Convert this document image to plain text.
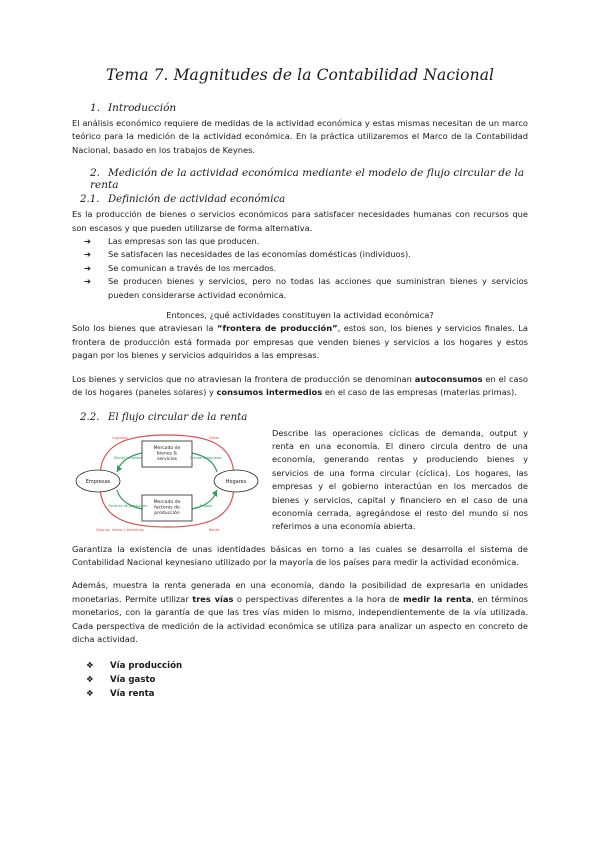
Tema 7. Magnitudes de la Contabilidad Nacional
1. Introducción

El análisis económico requiere de medidas de la actividad económica y estas mismas necesitan de un marco teórico para la medición de la actividad económica. En la práctica utilizaremos el Marco de la Contabilidad Nacional, basado en los trabajos de Keynes.

2. Medición de la actividad económica mediante el modelo de flujo circular de la renta
2.1. Definición de actividad económica

Es la producción de bienes o servicios económicos para satisfacer necesidades humanas con recursos que son escasos y que pueden utilizarse de forma alternativa.

➔ Las empresas son las que producen.
➔ Se satisfacen las necesidades de las economías domésticas (individuos).
➔ Se comunican a través de los mercados.
➔ Se producen bienes y servicios, pero no todas las acciones que suministran bienes y servicios pueden considerarse actividad económica.
Entonces, ¿qué actividades constituyen la actividad económica?

Solo los bienes que atraviesan la “frontera de producción”, estos son, los bienes y servicios finales. La frontera de producción está formada por empresas que venden bienes y servicios a los hogares y estos pagan por los bienes y servicios adquiridos a las empresas.

Los bienes y servicios que no atraviesan la frontera de producción se denominan autoconsumos en el caso de los hogares (paneles solares) y consumos intermedios en el caso de las empresas (materias primas).

2.2. El flujo circular de la renta
Mercado de bienes & servicios
Mercado de factores de producción
Empresas	Hogares
Ingresos	Gasto
Bienes vendidos	Bienes comprados
Trabajo
Factores de producción
Renta
Salarios, rentas y beneficios

Describe las operaciones cíclicas de demanda, output y renta en una economía. El dinero circula dentro de una economía, generando rentas y produciendo bienes y servicios de una forma circular (cíclica). Los hogares, las empresas y el gobierno interactúan en los mercados de bienes y servicios, capital y financiero en el caso de una economía cerrada, agregándose el resto del mundo si nos referimos a una economía abierta.

Garantiza la existencia de unas identidades básicas en torno a las cuales se desarrolla el sistema de Contabilidad Nacional keynesiano utilizado por la mayoría de los países para medir la actividad económica.

Además, muestra la renta generada en una economía, dando la posibilidad de expresarla en unidades monetarias. Permite utilizar tres vías o perspectivas diferentes a la hora de medir la renta, en términos monetarios, con la garantía de que las tres vías miden lo mismo, independientemente de la vía utilizada. Cada perspectiva de medición de la actividad económica se utiliza para analizar un aspecto en concreto de dicha actividad.

❖ Vía producción
❖ Vía gasto
❖ Vía renta
